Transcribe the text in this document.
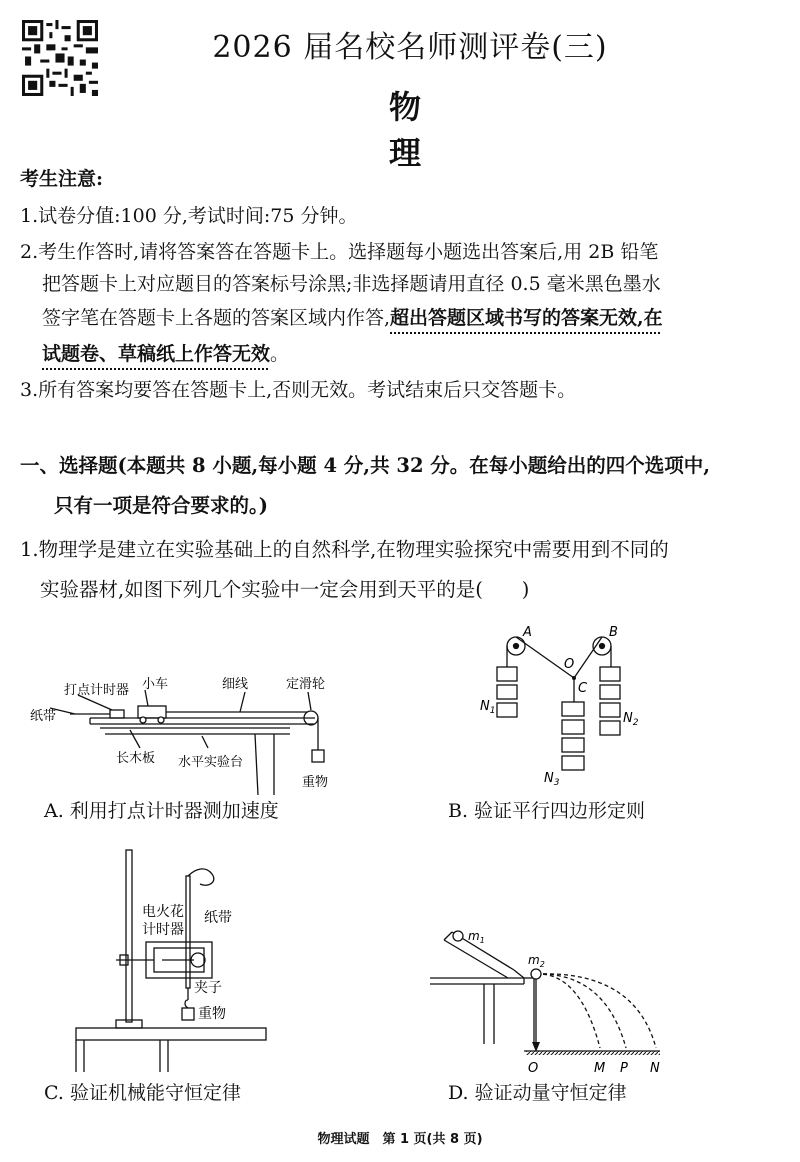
2026 届名校名师测评卷(三)
物理
考生注意:
1.试卷分值:100 分,考试时间:75 分钟。
2.考生作答时,请将答案答在答题卡上。选择题每小题选出答案后,用 2B 铅笔
把答题卡上对应题目的答案标号涂黑;非选择题请用直径 0.5 毫米黑色墨水
签字笔在答题卡上各题的答案区域内作答,超出答题区域书写的答案无效,在
试题卷、草稿纸上作答无效。
3.所有答案均要答在答题卡上,否则无效。考试结束后只交答题卡。
一、选择题(本题共 8 小题,每小题 4 分,共 32 分。在每小题给出的四个选项中,
只有一项是符合要求的。)
1.物理学是建立在实验基础上的自然科学,在物理实验探究中需要用到不同的
实验器材,如图下列几个实验中一定会用到天平的是(　　)
打点计时器 小车	细线	定滑轮
纸带
长木板 水平实验台
重物
A. 利用打点计时器测加速度
A	B
O
C
$N_1$	$N_2$
$N_3$
B. 验证平行四边形定则
电火花
计时器
纸带
夹子
重物
C. 验证机械能守恒定律
$m_1$
$m_2$
O	M P N
D. 验证动量守恒定律
物理试题　第 1 页(共 8 页)
